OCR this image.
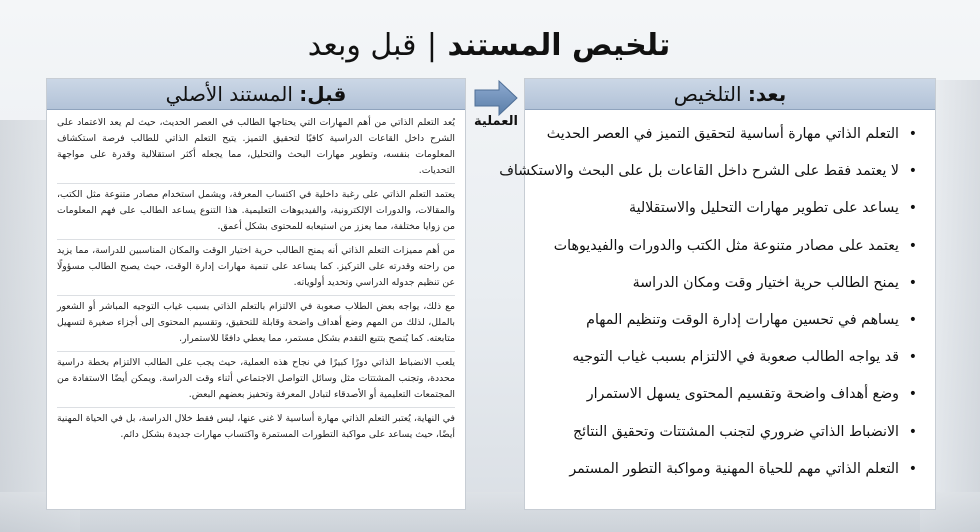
تلخيص المستند | قبل وبعد
بعد: التلخيص
•
التعلم الذاتي مهارة أساسية لتحقيق التميز في العصر الحديث
•
لا يعتمد فقط على الشرح داخل القاعات بل على البحث والاستكشاف
•
يساعد على تطوير مهارات التحليل والاستقلالية
•
يعتمد على مصادر متنوعة مثل الكتب والدورات والفيديوهات
•
يمنح الطالب حرية اختيار وقت ومكان الدراسة
•
يساهم في تحسين مهارات إدارة الوقت وتنظيم المهام
•
قد يواجه الطالب صعوبة في الالتزام بسبب غياب التوجيه
•
وضع أهداف واضحة وتقسيم المحتوى يسهل الاستمرار
•
الانضباط الذاتي ضروري لتجنب المشتتات وتحقيق النتائج
•
التعلم الذاتي مهم للحياة المهنية ومواكبة التطور المستمر
العملية
قبل: المستند الأصلي
يُعد التعلم الذاتي من أهم المهارات التي يحتاجها الطالب في العصر الحديث، حيث لم يعد الاعتماد على الشرح داخل القاعات الدراسية كافيًا لتحقيق التميز. يتيح التعلم الذاتي للطالب فرصة استكشاف المعلومات بنفسه، وتطوير مهارات البحث والتحليل، مما يجعله أكثر استقلالية وقدرة على مواجهة التحديات.
يعتمد التعلم الذاتي على رغبة داخلية في اكتساب المعرفة، ويشمل استخدام مصادر متنوعة مثل الكتب، والمقالات، والدورات الإلكترونية، والفيديوهات التعليمية. هذا التنوع يساعد الطالب على فهم المعلومات من زوايا مختلفة، مما يعزز من استيعابه للمحتوى بشكل أعمق.
من أهم مميزات التعلم الذاتي أنه يمنح الطالب حرية اختيار الوقت والمكان المناسبين للدراسة، مما يزيد من راحته وقدرته على التركيز. كما يساعد على تنمية مهارات إدارة الوقت، حيث يصبح الطالب مسؤولًا عن تنظيم جدوله الدراسي وتحديد أولوياته.
مع ذلك، يواجه بعض الطلاب صعوبة في الالتزام بالتعلم الذاتي بسبب غياب التوجيه المباشر أو الشعور بالملل، لذلك من المهم وضع أهداف واضحة وقابلة للتحقيق، وتقسيم المحتوى إلى أجزاء صغيرة لتسهيل متابعته. كما يُنصح بتتبع التقدم بشكل مستمر، مما يعطي دافعًا للاستمرار.
يلعب الانضباط الذاتي دورًا كبيرًا في نجاح هذه العملية، حيث يجب على الطالب الالتزام بخطة دراسية محددة، وتجنب المشتتات مثل وسائل التواصل الاجتماعي أثناء وقت الدراسة. ويمكن أيضًا الاستفادة من المجتمعات التعليمية أو الأصدقاء لتبادل المعرفة وتحفيز بعضهم البعض.
في النهاية، يُعتبر التعلم الذاتي مهارة أساسية لا غنى عنها، ليس فقط خلال الدراسة، بل في الحياة المهنية أيضًا، حيث يساعد على مواكبة التطورات المستمرة واكتساب مهارات جديدة بشكل دائم.
